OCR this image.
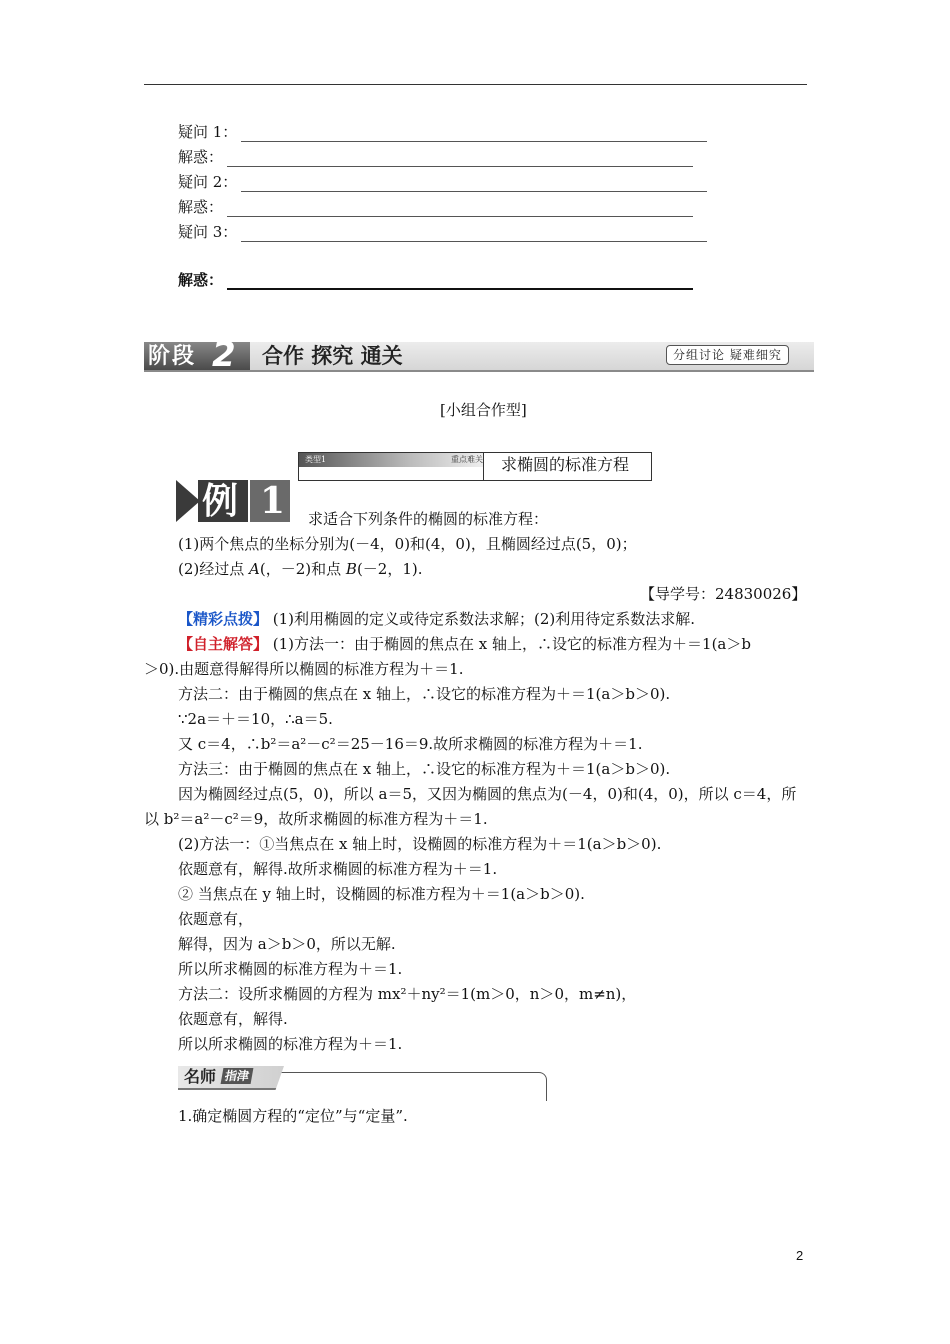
疑问 1：
解惑：
疑问 2：
解惑：
疑问 3：
解惑：
阶段 2 合作 探究 通关	分组讨论 疑难细究
[小组合作型]
类型1	重点难关 求椭圆的标准方程
例 1 求适合下列条件的椭圆的标准方程：
(1)两个焦点的坐标分别为(－4，0)和(4，0)，且椭圆经过点(5，0)；
(2)经过点 A(，－2)和点 B(－2，1).
【导学号：24830026】
【精彩点拨】 (1)利用椭圆的定义或待定系数法求解；(2)利用待定系数法求解.
【自主解答】 (1)方法一：由于椭圆的焦点在 x 轴上，∴设它的标准方程为＋＝1(a＞b
＞0).由题意得解得所以椭圆的标准方程为＋＝1.
方法二：由于椭圆的焦点在 x 轴上，∴设它的标准方程为＋＝1(a＞b＞0).
∵2a＝＋＝10，∴a＝5.
又 c＝4，∴b²＝a²－c²＝25－16＝9.故所求椭圆的标准方程为＋＝1.
方法三：由于椭圆的焦点在 x 轴上，∴设它的标准方程为＋＝1(a＞b＞0).
因为椭圆经过点(5，0)，所以 a＝5，又因为椭圆的焦点为(－4，0)和(4，0)，所以 c＝4，所
以 b²＝a²－c²＝9，故所求椭圆的标准方程为＋＝1.
(2)方法一：①当焦点在 x 轴上时，设椭圆的标准方程为＋＝1(a＞b＞0).
依题意有，解得.故所求椭圆的标准方程为＋＝1.
② 当焦点在 y 轴上时，设椭圆的标准方程为＋＝1(a＞b＞0).
依题意有，
解得，因为 a＞b＞0，所以无解.
所以所求椭圆的标准方程为＋＝1.
方法二：设所求椭圆的方程为 mx²＋ny²＝1(m＞0，n＞0，m≠n)，
依题意有，解得.
所以所求椭圆的标准方程为＋＝1.
名师 指津
1.确定椭圆方程的“定位”与“定量”.
2
